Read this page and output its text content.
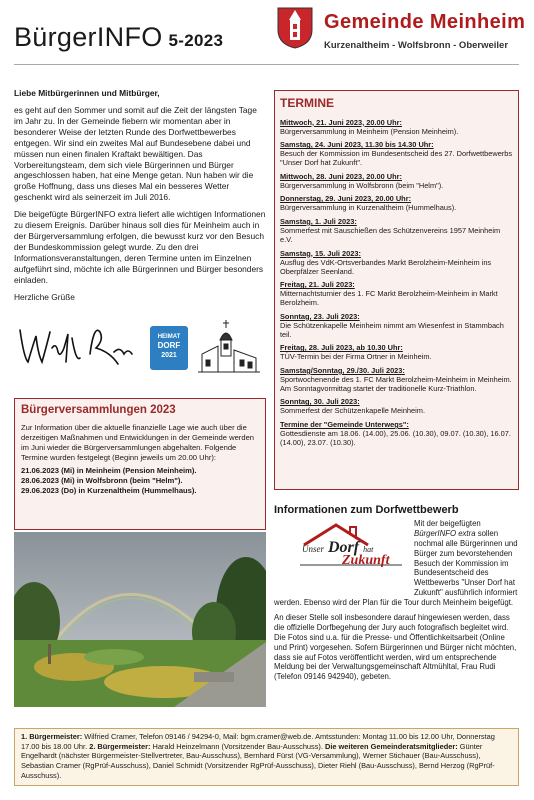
BürgerINFO 5-2023
Gemeinde Meinheim
Kurzenaltheim - Wolfsbronn - Oberweiler

Liebe Mitbürgerinnen und Mitbürger,

es geht auf den Sommer und somit auf die Zeit der längsten Tage im Jahr zu. In der Gemeinde fiebern wir momentan aber in besonderer Weise der letzten Runde des Dorfwettbewerbes entgegen. Wir sind ein zweites Mal auf Bundesebene dabei und müssen nun einen finalen Kraftakt bewältigen. Das Vorbereitungsteam, dem sich viele Bürgerinnen und Bürger angeschlossen haben, hat eine Menge getan. Nun haben wir die große Hoffnung, dass uns dieses Mal ein besseres Wetter geschenkt wird als seinerzeit im Juli 2016.

Die beigefügte BürgerINFO extra liefert alle wichtigen Informationen zu diesem Ereignis. Darüber hinaus soll dies für Meinheim auch in der Bürgerversammlung erfolgen, die bewusst kurz vor den Besuch der Bundeskommission gelegt wurde. Zu den drei Informationsveranstaltungen, deren Termine unten im Einzelnen aufgeführt sind, möchte ich alle Bürgerinnen und Bürger besonders einladen.

Herzliche Grüße

HEIMAT
DORF
2021
Bürgerversammlungen 2023
Zur Information über die aktuelle finanzielle Lage wie auch über die derzeitigen Maßnahmen und Entwicklungen in der Gemeinde werden im Juni wieder die Bürgerversammlungen abgehalten. Folgende Termine wurden festgelegt (Beginn jeweils um 20.00 Uhr):
21.06.2023 (Mi) in Meinheim (Pension Meinheim).
28.06.2023 (Mi) in Wolfsbronn (beim "Helm").
29.06.2023 (Do) in Kurzenaltheim (Hummelhaus).
TERMINE
Mittwoch, 21. Juni 2023, 20.00 Uhr:
Bürgerversammlung in Meinheim (Pension Meinheim).
Samstag, 24. Juni 2023, 11.30 bis 14.30 Uhr:
Besuch der Kommission im Bundesentscheid des 27. Dorfwettbewerbs "Unser Dorf hat Zukunft".
Mittwoch, 28. Juni 2023, 20.00 Uhr:
Bürgerversammlung in Wolfsbronn (beim "Helm").
Donnerstag, 29. Juni 2023, 20.00 Uhr:
Bürgerversammlung in Kurzenaltheim (Hummelhaus).
Samstag, 1. Juli 2023:
Sommerfest mit Sauschießen des Schützenvereins 1957 Meinheim e.V.
Samstag, 15. Juli 2023:
Ausflug des VdK-Ortsverbandes Markt Berolzheim-Meinheim ins Oberpfälzer Seenland.
Freitag, 21. Juli 2023:
Mitternachtsturnier des 1. FC Markt Berolzheim-Meinheim in Markt Berolzheim.
Sonntag, 23. Juli 2023:
Die Schützenkapelle Meinheim nimmt am Wiesenfest in Stammbach teil.
Freitag, 28. Juli 2023, ab 10.30 Uhr:
TÜV-Termin bei der Firma Ortner in Meinheim.
Samstag/Sonntag, 29./30. Juli 2023:
Sportwochenende des 1. FC Markt Berolzheim-Meinheim in Meinheim. Am Sonntagvormittag startet der traditionelle Kurz-Triathlon.
Sonntag, 30. Juli 2023:
Sommerfest der Schützenkapelle Meinheim.
Termine der "Gemeinde Unterwegs":
Gottesdienste am 18.06. (14.00), 25.06. (10.30), 09.07. (10.30), 16.07. (14.00), 23.07. (10.30).
Informationen zum Dorfwettbewerb

Mit der beigefügten BürgerINFO extra sollen nochmal alle Bürgerinnen und Bürger zum bevorstehenden Besuch der Kommission im Bundesentscheid des Wettbewerbs "Unser Dorf hat Zukunft" ausführlich informiert werden. Ebenso wird der Plan für die Tour durch Meinheim beigefügt.

An dieser Stelle soll insbesondere darauf hingewiesen werden, dass die offizielle Dorfbegehung der Jury auch fotografisch begleitet wird. Die Fotos sind u.a. für die Presse- und Öffentlichkeitsarbeit (Online und Print) vorgesehen. Sofern Bürgerinnen und Bürger nicht möchten, dass sie auf Fotos veröffentlicht werden, wird um entsprechende Meldung bei der Verwaltungsgemeinschaft Altmühltal, Frau Rudi (Telefon 09146 942940), gebeten.

Unser Dorf hat
Zukunft
1. Bürgermeister: Wilfried Cramer, Telefon 09146 / 94294-0, Mail: bgm.cramer@web.de. Amtsstunden: Montag 11.00 bis 12.00 Uhr, Donnerstag 17.00 bis 18.00 Uhr. 2. Bürgermeister: Harald Heinzelmann (Vorsitzender Bau-Ausschuss). Die weiteren Gemeinderatsmitglieder: Günter Engelhardt (nächster Bürgermeister-Stellvertreter, Bau-Ausschuss), Bernhard Fürst (VG-Versammlung), Werner Stichauer (Bau-Ausschuss), Sebastian Cramer (RgPrüf-Ausschuss), Daniel Schmidt (Vorsitzender RgPrüf-Ausschuss), Dieter Riehl (Bau-Ausschuss), Bernd Herzog (RgPrüf-Ausschuss).
